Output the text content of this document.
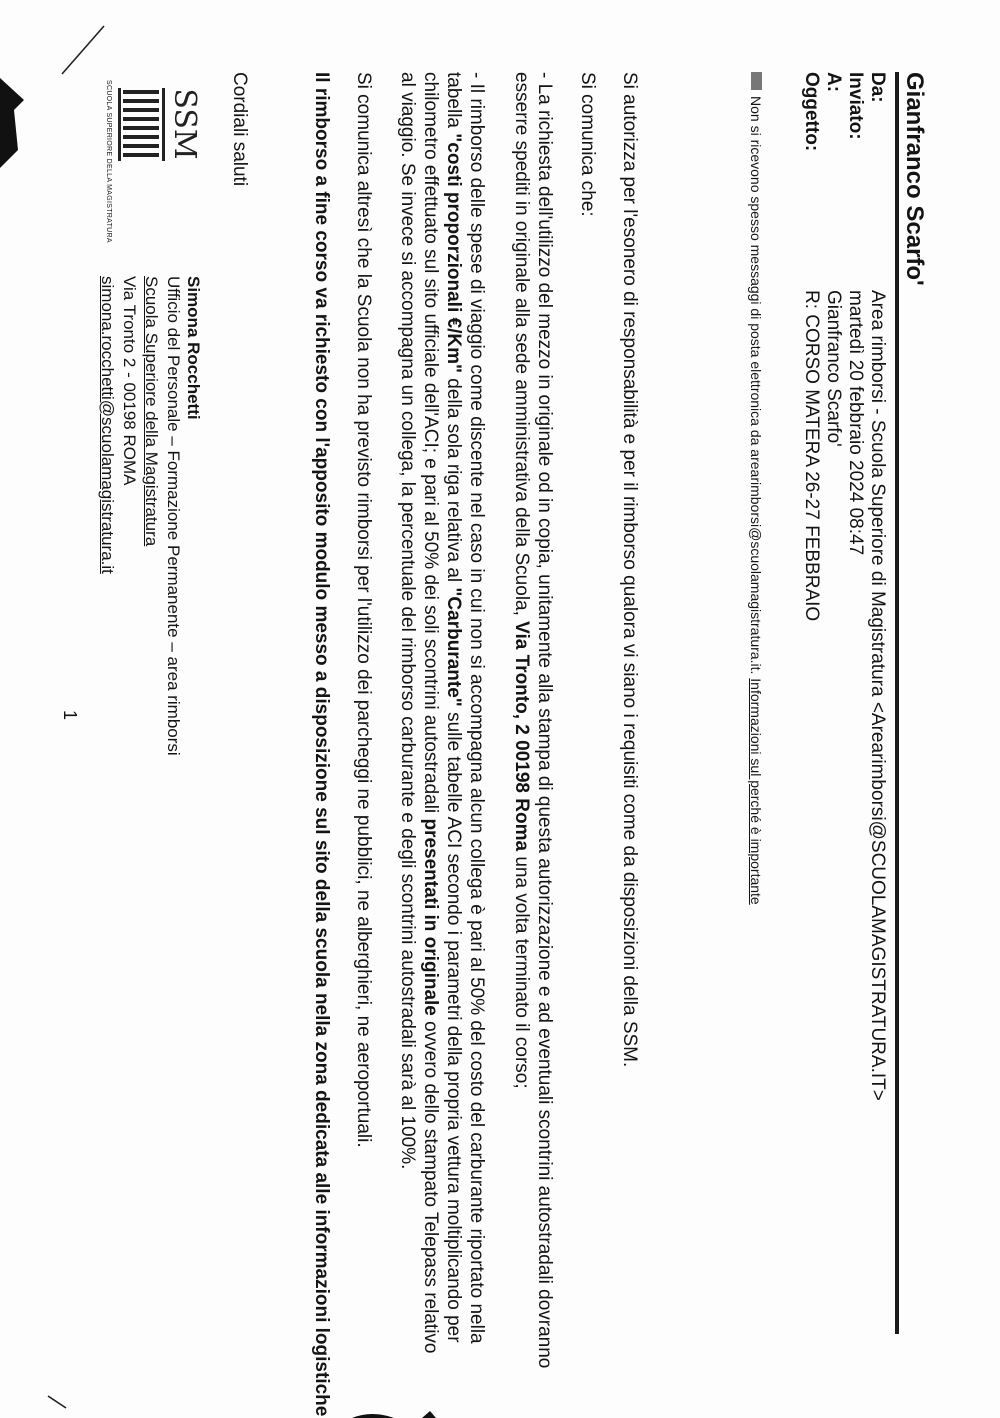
Gianfranco Scarfo'
Da:
Area rimborsi - Scuola Superiore di Magistratura <Arearimborsi@SCUOLAMAGISTRATURA.IT>
Inviato:
martedì 20 febbraio 2024 08:47
A:
Gianfranco Scarfo'
Oggetto:
R: CORSO MATERA 26-27 FEBBRAIO
Non si ricevono spesso messaggi di posta elettronica da arearimborsi@scuolamagistratura.it. Informazioni sul perché è importante
Si autorizza per l'esonero di responsabilità e per il rimborso qualora vi siano i requisiti come da disposizioni della SSM.
Si comunica che:
- La richiesta dell'utilizzo del mezzo in originale od in copia, unitamente alla stampa di questa autorizzazione e ad eventuali scontrini autostradali dovranno esserre spediti in originale alla sede amministrativa della Scuola, Via Tronto, 2 00198 Roma una volta terminato il corso;
- Il rimborso delle spese di viaggio come discente nel caso in cui non si accompagna alcun collega è pari al 50% del costo del carburante riportato nella tabella "costi proporzionali €/Km" della sola riga relativa al "Carburante" sulle tabelle ACI secondo i parametri della propria vettura moltiplicando per chilometro effettuato sul sito ufficiale dell'ACI; e pari al 50% dei soli scontrini autostradali presentati in originale ovvero dello stampato Telepass relativo al viaggio. Se invece si accompagna un collega, la percentuale del rimborso carburante e degli scontrini autostradali sarà al 100%.
Si comunica altresì che la Scuola non ha previsto rimborsi per l'utilizzo dei parcheggi ne pubblici, ne alberghieri, ne aeroportuali.
Il rimborso a fine corso va richiesto con l'apposito modulo messo a disposizione sul sito della scuola nella zona dedicata alle informazioni logistiche
Cordiali saluti
SSM
SCUOLA SUPERIORE DELLA MAGISTRATURA
Simona Rocchetti
Ufficio del Personale – Formazione Permanente – area rimborsi
Scuola Superiore della Magistratura
Via Tronto 2 - 00198 ROMA
simona.rocchetti@scuolamagistratura.it
1
